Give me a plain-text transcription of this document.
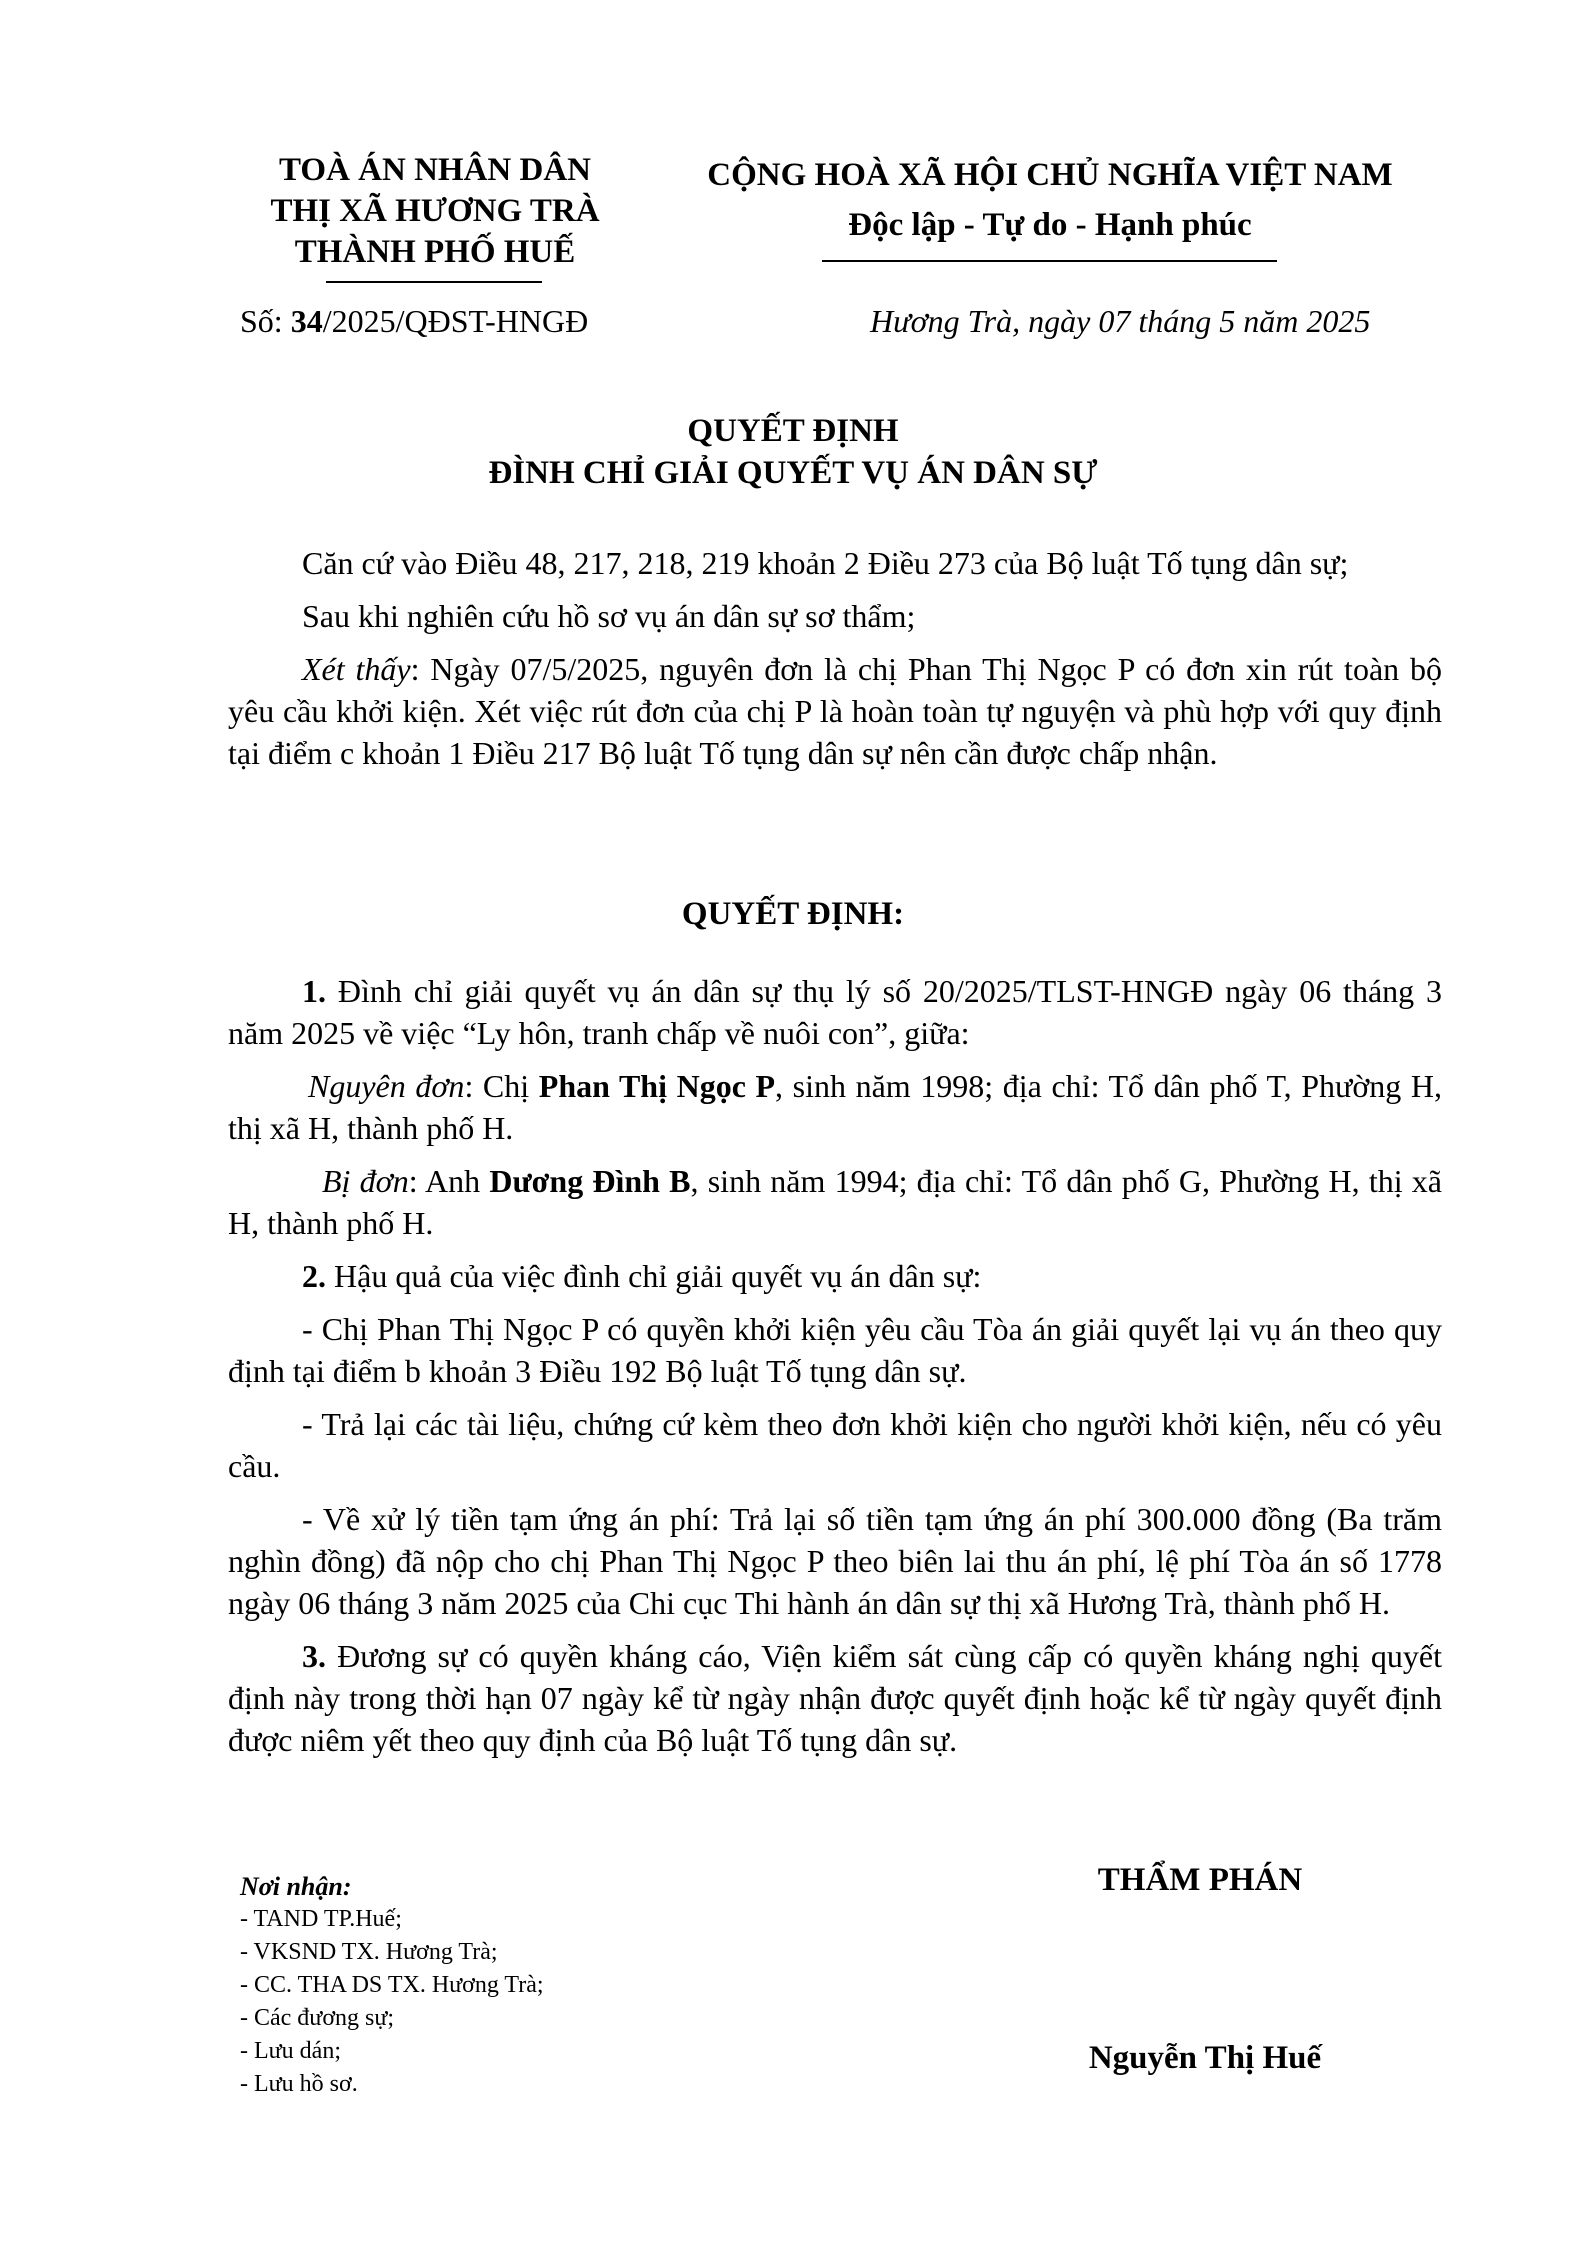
TOÀ ÁN NHÂN DÂN
THỊ XÃ HƯƠNG TRÀ
THÀNH PHỐ HUẾ
CỘNG HOÀ XÃ HỘI CHỦ NGHĨA VIỆT NAM
Độc lập - Tự do - Hạnh phúc
Số: 34/2025/QĐST-HNGĐ	Hương Trà, ngày 07 tháng 5 năm 2025
QUYẾT ĐỊNH
ĐÌNH CHỈ GIẢI QUYẾT VỤ ÁN DÂN SỰ

Căn cứ vào Điều 48, 217, 218, 219 khoản 2 Điều 273 của Bộ luật Tố tụng dân sự;

Sau khi nghiên cứu hồ sơ vụ án dân sự sơ thẩm;

Xét thấy: Ngày 07/5/2025, nguyên đơn là chị Phan Thị Ngọc P có đơn xin rút toàn bộ yêu cầu khởi kiện. Xét việc rút đơn của chị P là hoàn toàn tự nguyện và phù hợp với quy định tại điểm c khoản 1 Điều 217 Bộ luật Tố tụng dân sự nên cần được chấp nhận.

QUYẾT ĐỊNH:

1. Đình chỉ giải quyết vụ án dân sự thụ lý số 20/2025/TLST-HNGĐ ngày 06 tháng 3 năm 2025 về việc “Ly hôn, tranh chấp về nuôi con”, giữa:

Nguyên đơn: Chị Phan Thị Ngọc P, sinh năm 1998; địa chỉ: Tổ dân phố T, Phường H, thị xã H, thành phố H.

Bị đơn: Anh Dương Đình B, sinh năm 1994; địa chỉ: Tổ dân phố G, Phường H, thị xã H, thành phố H.

2. Hậu quả của việc đình chỉ giải quyết vụ án dân sự:

- Chị Phan Thị Ngọc P có quyền khởi kiện yêu cầu Tòa án giải quyết lại vụ án theo quy định tại điểm b khoản 3 Điều 192 Bộ luật Tố tụng dân sự.

- Trả lại các tài liệu, chứng cứ kèm theo đơn khởi kiện cho người khởi kiện, nếu có yêu cầu.

- Về xử lý tiền tạm ứng án phí: Trả lại số tiền tạm ứng án phí 300.000 đồng (Ba trăm nghìn đồng) đã nộp cho chị Phan Thị Ngọc P theo biên lai thu án phí, lệ phí Tòa án số 1778 ngày 06 tháng 3 năm 2025 của Chi cục Thi hành án dân sự thị xã Hương Trà, thành phố H.

3. Đương sự có quyền kháng cáo, Viện kiểm sát cùng cấp có quyền kháng nghị quyết định này trong thời hạn 07 ngày kể từ ngày nhận được quyết định hoặc kể từ ngày quyết định được niêm yết theo quy định của Bộ luật Tố tụng dân sự.

Nơi nhận:
- TAND TP.Huế;
- VKSND TX. Hương Trà;
- CC. THA DS TX. Hương Trà;
- Các đương sự;
- Lưu dán;
- Lưu hồ sơ.
THẨM PHÁN
Nguyễn Thị Huế
